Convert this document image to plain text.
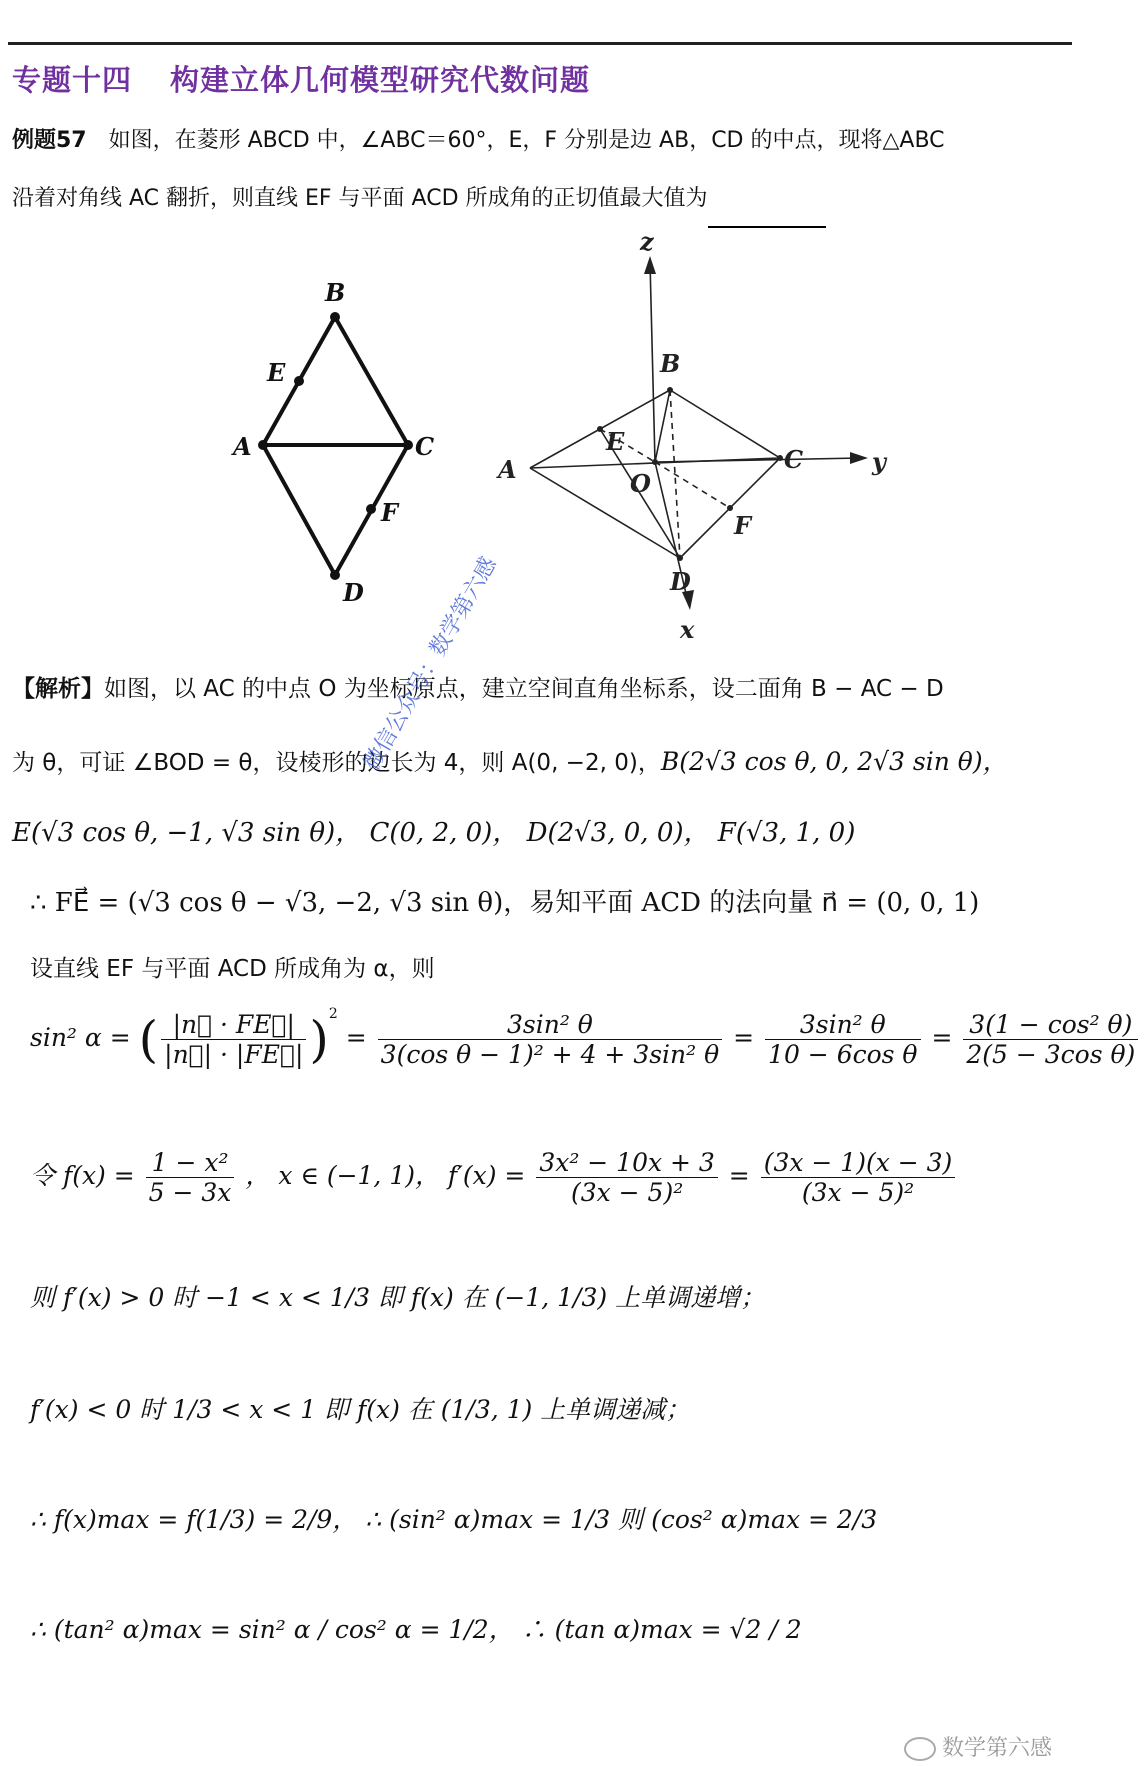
专题十四 构建立体几何模型研究代数问题
例题57 如图，在菱形 ABCD 中，∠ABC＝60°，E，F 分别是边 AB，CD 的中点，现将△ABC
沿着对角线 AC 翻折，则直线 EF 与平面 ACD 所成角的正切值最大值为
B
E
A	C
F
D
z
B
E
A	O
C	y
F
D
x
【解析】如图，以 AC 的中点 O 为坐标原点，建立空间直角坐标系，设二面角 B − AC − D
为 θ，可证 ∠BOD = θ，设棱形的边长为 4，则 A(0, −2, 0)，B(2√3 cos θ, 0, 2√3 sin θ)，
E(√3 cos θ, −1, √3 sin θ)， C(0, 2, 0)， D(2√3, 0, 0)， F(√3, 1, 0)
∴ FE⃗ = (√3 cos θ − √3, −2, √3 sin θ)，易知平面 ACD 的法向量 n⃗ = (0, 0, 1)
设直线 EF 与平面 ACD 所成角为 α，则
sin² α = ( $\frac{|n⃗ \cdot FE⃗|}{|n⃗| \cdot |FE⃗|} )^2 = \frac{\text{3sin² θ}}{\text{3(cos θ − 1)² + 4 + 3sin² θ}} = \frac{\text{3sin² θ}}{\text{10 − 6cos θ}} = \frac{\text{3(1 − cos² θ)}}{\text{2(5 − 3cos θ)}}$
令 $f(x) = \frac{\text{1 − x²}}{5 - 3x}$ ， x ∈ (−1, 1)， $f'(x) = \frac{\text{3x² − 10x + 3}}{\text{(3x − 5)²}} = \frac{(3x - 1)(x - 3)}{\text{(3x − 5)²}}$
则 f′(x) > 0 时 −1 < x < 1/3 即 f(x) 在 (−1, 1/3) 上单调递增；
f′(x) < 0 时 1/3 < x < 1 即 f(x) 在 (1/3, 1) 上单调递减；
∴ f(x)max = f(1/3) = 2/9， ∴ (sin² α)max = 1/3 则 (cos² α)max = 2/3
∴ (tan² α)max = sin² α / cos² α = 1/2， ∴ (tan α)max = √2 / 2
微信公众号：数学第六感
数学第六感
